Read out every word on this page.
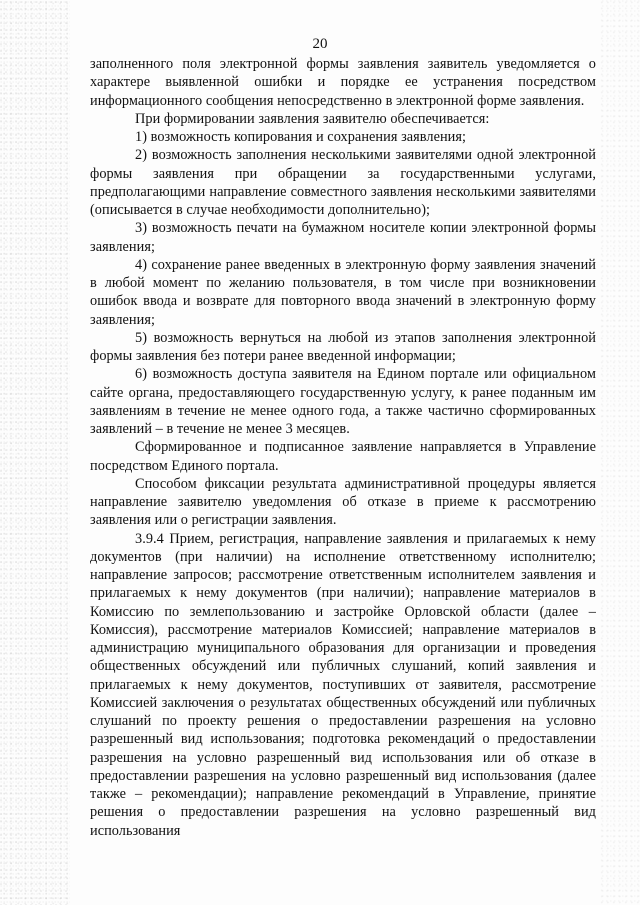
20

заполненного поля электронной формы заявления заявитель уведомляется о характере выявленной ошибки и порядке ее устранения посредством информационного сообщения непосредственно в электронной форме заявления.

При формировании заявления заявителю обеспечивается:

1) возможность копирования и сохранения заявления;

2) возможность заполнения несколькими заявителями одной электронной формы заявления при обращении за государственными услугами, предполагающими направление совместного заявления несколькими заявителями (описывается в случае необходимости дополнительно);

3) возможность печати на бумажном носителе копии электронной формы заявления;

4) сохранение ранее введенных в электронную форму заявления значений в любой момент по желанию пользователя, в том числе при возникновении ошибок ввода и возврате для повторного ввода значений в электронную форму заявления;

5) возможность вернуться на любой из этапов заполнения электронной формы заявления без потери ранее введенной информации;

6) возможность доступа заявителя на Едином портале или официальном сайте органа, предоставляющего государственную услугу, к ранее поданным им заявлениям в течение не менее одного года, а также частично сформированных заявлений – в течение не менее 3 месяцев.

Сформированное и подписанное заявление направляется в Управление посредством Единого портала.

Способом фиксации результата административной процедуры является направление заявителю уведомления об отказе в приеме к рассмотрению заявления или о регистрации заявления.

3.9.4 Прием, регистрация, направление заявления и прилагаемых к нему документов (при наличии) на исполнение ответственному исполнителю; направление запросов; рассмотрение ответственным исполнителем заявления и прилагаемых к нему документов (при наличии); направление материалов в Комиссию по землепользованию и застройке Орловской области (далее – Комиссия), рассмотрение материалов Комиссией; направление материалов в администрацию муниципального образования для организации и проведения общественных обсуждений или публичных слушаний, копий заявления и прилагаемых к нему документов, поступивших от заявителя, рассмотрение Комиссией заключения о результатах общественных обсуждений или публичных слушаний по проекту решения о предоставлении разрешения на условно разрешенный вид использования; подготовка рекомендаций о предоставлении разрешения на условно разрешенный вид использования или об отказе в предоставлении разрешения на условно разрешенный вид использования (далее также – рекомендации); направление рекомендаций в Управление, принятие решения о предоставлении разрешения на условно разрешенный вид использования
